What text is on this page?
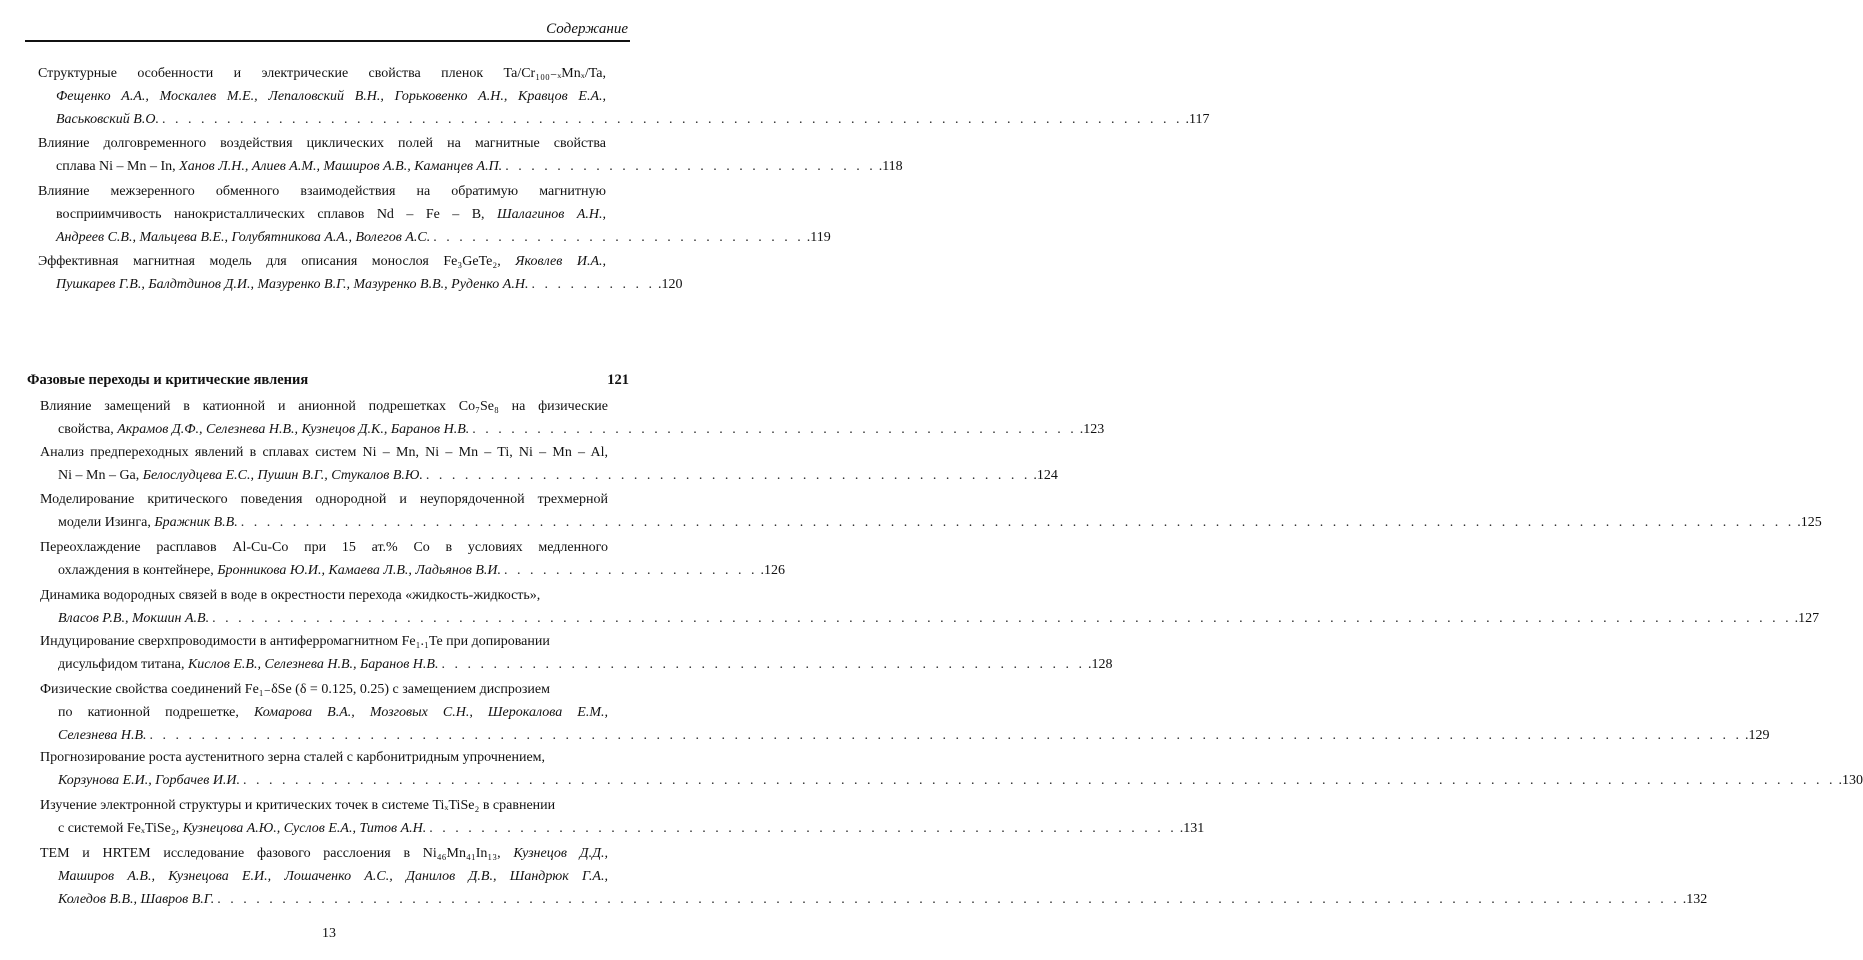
Содержание
Структурные особенности и электрические свойства пленок Ta/Cr₁₀₀₋ₓMnₓ/Ta,
Фещенко А.А., Москалев М.Е., Лепаловский В.Н., Горьковенко А.Н., Кравцов Е.А.,
Васьковский В.О. . . . . . . . . . . . . . . . . . . . . . . . . . . . . . . . . . . . . . . . . . . . . . . . . . . . . . . . . . . . . . . . . . . . . . . . . . . . . . . . .117
Влияние долговременного воздействия циклических полей на магнитные свойства
сплава Ni – Mn – In, Ханов Л.Н., Алиев А.М., Маширов А.В., Каманцев А.П. . . . . . . . . . . . . . . . . . . . . . . . . . . . . . .118
Влияние межзеренного обменного взаимодействия на обратимую магнитную
восприимчивость нанокристаллических сплавов Nd – Fe – B, Шалагинов А.Н.,
Андреев С.В., Мальцева В.Е., Голубятникова А.А., Волегов А.С. . . . . . . . . . . . . . . . . . . . . . . . . . . . . . .119
Эффективная магнитная модель для описания монослоя Fe₃GeTe₂, Яковлев И.А.,
Пушкарев Г.В., Балдтдинов Д.И., Мазуренко В.Г., Мазуренко В.В., Руденко А.Н. . . . . . . . . . . .120
Фазовые переходы и критические явления	121
Влияние замещений в катионной и анионной подрешетках Co₇Se₈ на физические
свойства, Акрамов Д.Ф., Селезнева Н.В., Кузнецов Д.К., Баранов Н.В. . . . . . . . . . . . . . . . . . . . . . . . . . . . . . . . . . . . . . . . . . . . . . . . .123
Анализ предпереходных явлений в сплавах систем Ni – Mn, Ni – Mn – Ti, Ni – Mn – Al,
Ni – Mn – Ga, Белослудцева Е.С., Пушин В.Г., Стукалов В.Ю. . . . . . . . . . . . . . . . . . . . . . . . . . . . . . . . . . . . . . . . . . . . . . . . .124
Моделирование критического поведения однородной и неупорядоченной трехмерной
модели Изинга, Бражник В.В. . . . . . . . . . . . . . . . . . . . . . . . . . . . . . . . . . . . . . . . . . . . . . . . . . . . . . . . . . . . . . . . . . . . . . . . . . . . . . . . . . . . . . . . . . . . . . . . . . . . . . . . . . . . . . . . . . . . . . . . . .125
Переохлаждение расплавов Al-Cu-Co при 15 ат.% Co в условиях медленного
охлаждения в контейнере, Бронникова Ю.И., Камаева Л.В., Ладьянов В.И. . . . . . . . . . . . . . . . . . . . . .126
Динамика водородных связей в воде в окрестности перехода «жидкость-жидкость»,
Власов Р.В., Мокшин А.В. . . . . . . . . . . . . . . . . . . . . . . . . . . . . . . . . . . . . . . . . . . . . . . . . . . . . . . . . . . . . . . . . . . . . . . . . . . . . . . . . . . . . . . . . . . . . . . . . . . . . . . . . . . . . . . . . . . . . . . . . . . .127
Индуцирование сверхпроводимости в антиферромагнитном Fe₁.₁Te при допировании
дисульфидом титана, Кислов Е.В., Селезнева Н.В., Баранов Н.В. . . . . . . . . . . . . . . . . . . . . . . . . . . . . . . . . . . . . . . . . . . . . . . . . . . .128
Физические свойства соединений Fe₁₋δSe (δ = 0.125, 0.25) с замещением диспрозием
по катионной подрешетке, Комарова В.А., Мозговых С.Н., Шерокалова Е.М.,
Селезнева Н.В. . . . . . . . . . . . . . . . . . . . . . . . . . . . . . . . . . . . . . . . . . . . . . . . . . . . . . . . . . . . . . . . . . . . . . . . . . . . . . . . . . . . . . . . . . . . . . . . . . . . . . . . . . . . . . . . . . . . . . . . . . . . .129
Прогнозирование роста аустенитного зерна сталей с карбонитридным упрочнением,
Корзунова Е.И., Горбачев И.И. . . . . . . . . . . . . . . . . . . . . . . . . . . . . . . . . . . . . . . . . . . . . . . . . . . . . . . . . . . . . . . . . . . . . . . . . . . . . . . . . . . . . . . . . . . . . . . . . . . . . . . . . . . . . . . . . . . . . . . . . . . . .130
Изучение электронной структуры и критических точек в системе TiₓTiSe₂ в сравнении
с системой FeₓTiSe₂, Кузнецова А.Ю., Суслов Е.А., Титов А.Н. . . . . . . . . . . . . . . . . . . . . . . . . . . . . . . . . . . . . . . . . . . . . . . . . . . . . . . . . . . .131
TEM и HRTEM исследование фазового расслоения в Ni₄₆Mn₄₁In₁₃, Кузнецов Д.Д.,
Маширов А.В., Кузнецова Е.И., Лошаченко А.С., Данилов Д.В., Шандрюк Г.А.,
Коледов В.В., Шавров В.Г. . . . . . . . . . . . . . . . . . . . . . . . . . . . . . . . . . . . . . . . . . . . . . . . . . . . . . . . . . . . . . . . . . . . . . . . . . . . . . . . . . . . . . . . . . . . . . . . . . . . . . . . . . . . . . . . . . .132
13
